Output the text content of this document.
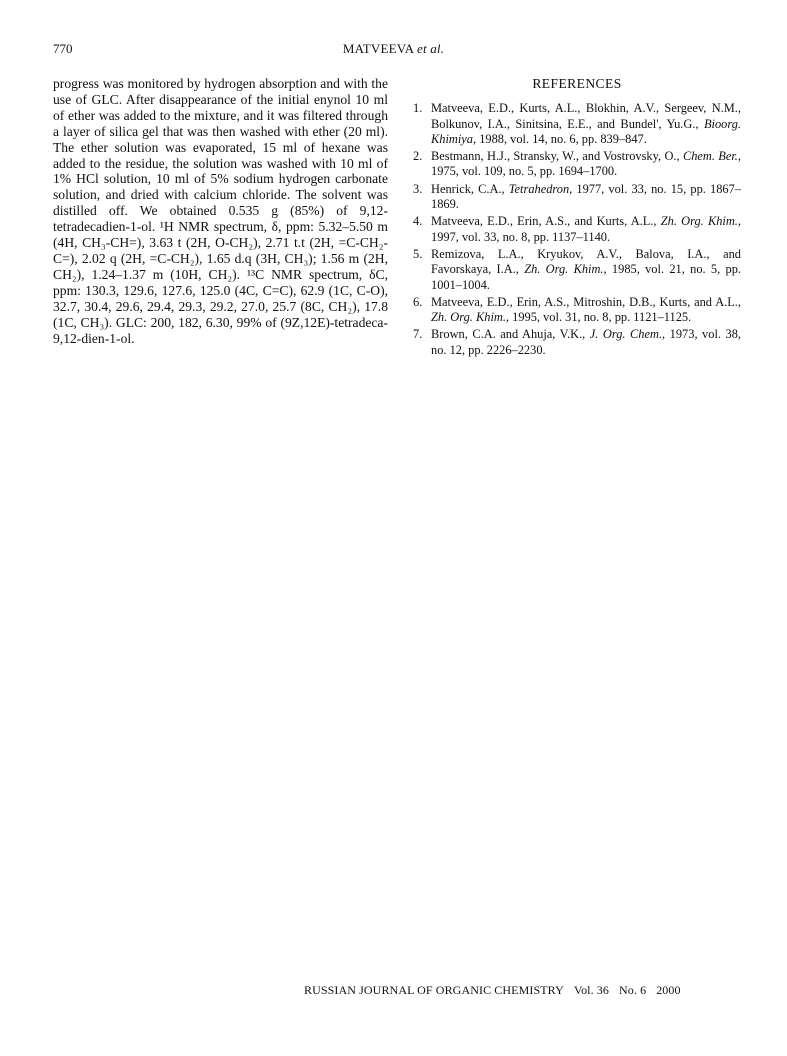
770	MATVEEVA et al.

progress was monitored by hydrogen absorption and with the use of GLC. After disappearance of the initial enynol 10 ml of ether was added to the mixture, and it was filtered through a layer of silica gel that was then washed with ether (20 ml). The ether solution was evaporated, 15 ml of hexane was added to the residue, the solution was washed with 10 ml of 1% HCl solution, 10 ml of 5% sodium hydrogen carbonate solution, and dried with calcium chloride. The solvent was distilled off. We obtained 0.535 g (85%) of 9,12-tetradecadien-1-ol. ¹H NMR spectrum, δ, ppm: 5.32–5.50 m (4H, CH₃-CH=), 3.63 t (2H, O-CH₂), 2.71 t.t (2H, =C-CH₂-C=), 2.02 q (2H, =C-CH₂), 1.65 d.q (3H, CH₃); 1.56 m (2H, CH₂), 1.24–1.37 m (10H, CH₂). ¹³C NMR spectrum, δC, ppm: 130.3, 129.6, 127.6, 125.0 (4C, C=C), 62.9 (1C, C-O), 32.7, 30.4, 29.6, 29.4, 29.3, 29.2, 27.0, 25.7 (8C, CH₂), 17.8 (1C, CH₃). GLC: 200, 182, 6.30, 99% of (9Z,12E)-tetradeca-9,12-dien-1-ol.

REFERENCES
1. Matveeva, E.D., Kurts, A.L., Blokhin, A.V., Sergeev, N.M., Bolkunov, I.A., Sinitsina, E.E., and Bundel', Yu.G., Bioorg. Khimiya, 1988, vol. 14, no. 6, pp. 839–847.
2. Bestmann, H.J., Stransky, W., and Vostrovsky, O., Chem. Ber., 1975, vol. 109, no. 5, pp. 1694–1700.
3. Henrick, C.A., Tetrahedron, 1977, vol. 33, no. 15, pp. 1867–1869.
4. Matveeva, E.D., Erin, A.S., and Kurts, A.L., Zh. Org. Khim., 1997, vol. 33, no. 8, pp. 1137–1140.
5. Remizova, L.A., Kryukov, A.V., Balova, I.A., and Favorskaya, I.A., Zh. Org. Khim., 1985, vol. 21, no. 5, pp. 1001–1004.
6. Matveeva, E.D., Erin, A.S., Mitroshin, D.B., Kurts, and A.L., Zh. Org. Khim., 1995, vol. 31, no. 8, pp. 1121–1125.
7. Brown, C.A. and Ahuja, V.K., J. Org. Chem., 1973, vol. 38, no. 12, pp. 2226–2230.
RUSSIAN JOURNAL OF ORGANIC CHEMISTRY Vol. 36 No. 6 2000
